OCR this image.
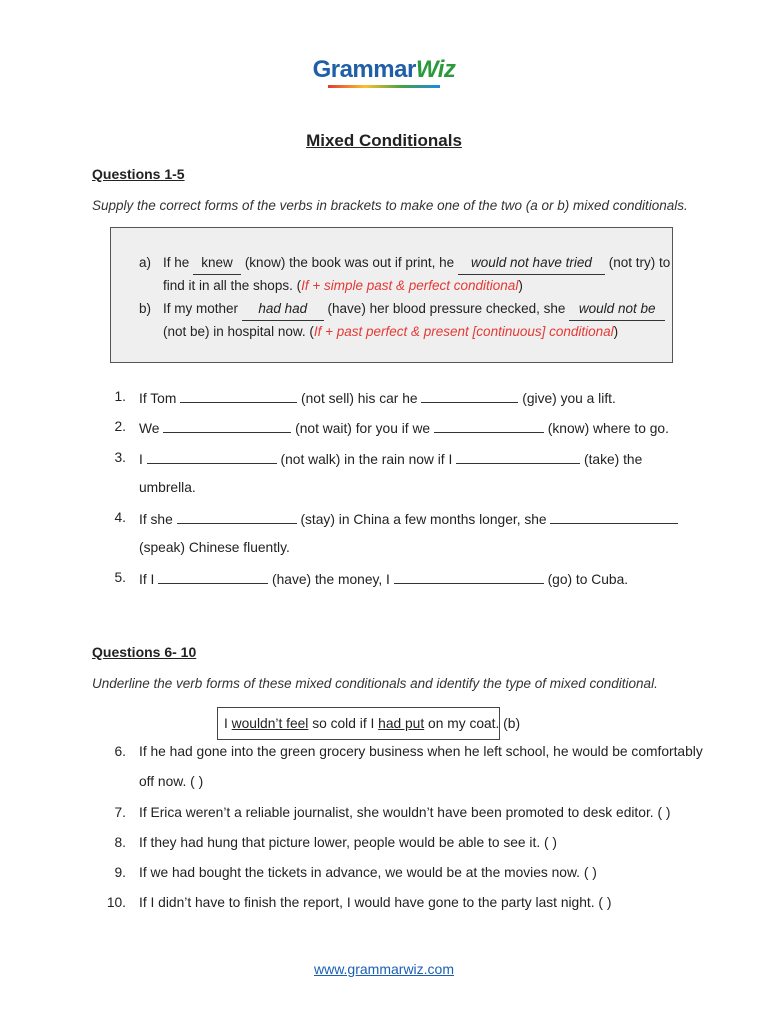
GrammarWiz
Mixed Conditionals
Questions 1-5
Supply the correct forms of the verbs in brackets to make one of the two (a or b) mixed conditionals.
a) If he knew (know) the book was out if print, he would not have tried (not try) to
find it in all the shops. (If + simple past & perfect conditional)
b) If my mother had had (have) her blood pressure checked, she would not be
(not be) in hospital now. (If + past perfect & present [continuous] conditional)
1. If Tom	(not sell) his car he	(give) you a lift.
2. We	(not wait) for you if we	(know) where to go.
3. I	(not walk) in the rain now if I	(take) the
umbrella.
4. If she	(stay) in China a few months longer, she
(speak) Chinese fluently.
5. If I	(have) the money, I	(go) to Cuba.
Questions 6- 10
Underline the verb forms of these mixed conditionals and identify the type of mixed conditional.
I wouldn’t feel so cold if I had put on my coat. (b)
6. If he had gone into the green grocery business when he left school, he would be comfortably
off now. ( )
7. If Erica weren’t a reliable journalist, she wouldn’t have been promoted to desk editor. ( )
8. If they had hung that picture lower, people would be able to see it. ( )
9. If we had bought the tickets in advance, we would be at the movies now. ( )
10. If I didn’t have to finish the report, I would have gone to the party last night. ( )
www.grammarwiz.com
